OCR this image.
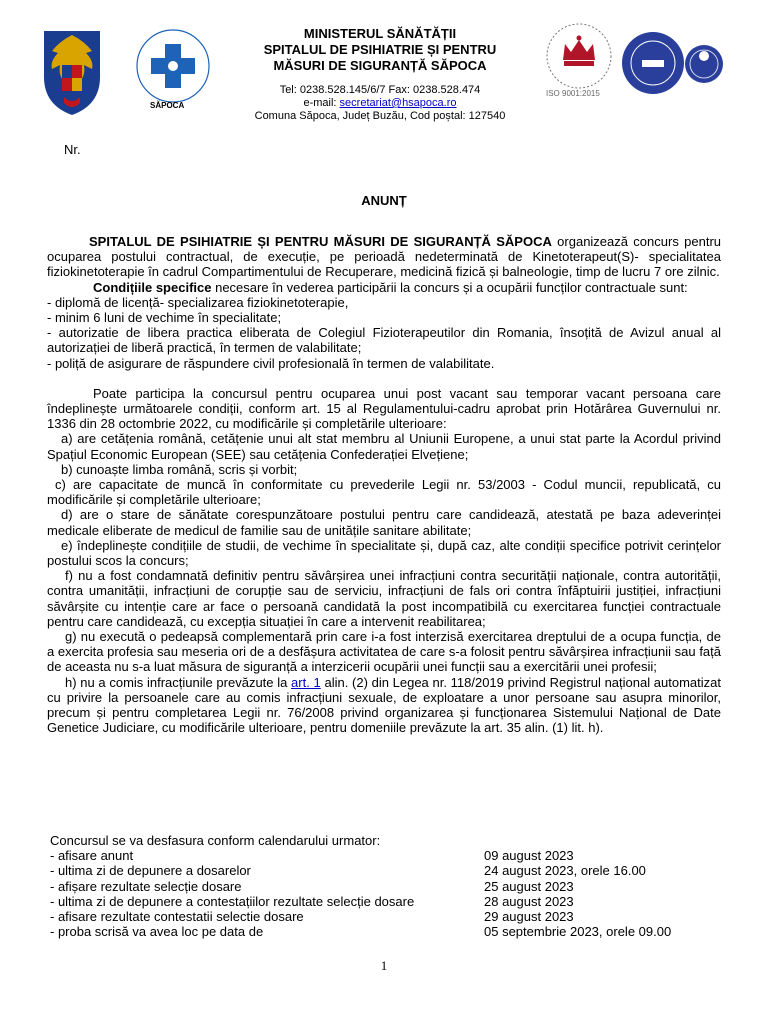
SĂPOCA
MINISTERUL SĂNĂTĂȚII
SPITALUL DE PSIHIATRIE ȘI PENTRU
MĂSURI DE SIGURANȚĂ SĂPOCA
Tel: 0238.528.145/6/7 Fax: 0238.528.474
e-mail: secretariat@hsapoca.ro
Comuna Săpoca, Județ Buzău, Cod poștal: 127540
ISO 9001:2015
Nr.
ANUNȚ

SPITALUL DE PSIHIATRIE ȘI PENTRU MĂSURI DE SIGURANȚĂ SĂPOCA organizează concurs pentru ocuparea postului contractual, de execuție, pe perioadă nedeterminată de Kinetoterapeut(S)- specialitatea fiziokinetoterapie în cadrul Compartimentului de Recuperare, medicină fizică și balneologie, timp de lucru 7 ore zilnic.

Condițiile specifice necesare în vederea participării la concurs și a ocupării funcților contractuale sunt:

- diplomă de licență- specializarea fiziokinetoterapie,

- minim 6 luni de vechime în specialitate;

- autorizatie de libera practica eliberata de Colegiul Fizioterapeutilor din Romania, însoțită de Avizul anual al autorizației de liberă practică, în termen de valabilitate;

- poliță de asigurare de răspundere civil profesională în termen de valabilitate.

Poate participa la concursul pentru ocuparea unui post vacant sau temporar vacant persoana care îndeplinește următoarele condiții, conform art. 15 al Regulamentului-cadru aprobat prin Hotărârea Guvernului nr. 1336 din 28 octombrie 2022, cu modificările și completările ulterioare:

a) are cetățenia română, cetățenie unui alt stat membru al Uniunii Europene, a unui stat parte la Acordul privind Spațiul Economic European (SEE) sau cetățenia Confederației Elvețiene;

b) cunoaște limba română, scris și vorbit;

c) are capacitate de muncă în conformitate cu prevederile Legii nr. 53/2003 - Codul muncii, republicată, cu modificările și completările ulterioare;

d) are o stare de sănătate corespunzătoare postului pentru care candidează, atestată pe baza adeverinței medicale eliberate de medicul de familie sau de unitățile sanitare abilitate;

e) îndeplinește condițiile de studii, de vechime în specialitate și, după caz, alte condiții specifice potrivit cerințelor postului scos la concurs;

f) nu a fost condamnată definitiv pentru săvârșirea unei infracțiuni contra securității naționale, contra autorității, contra umanității, infracțiuni de corupție sau de serviciu, infracțiuni de fals ori contra înfăptuirii justiției, infracțiuni săvârșite cu intenție care ar face o persoană candidată la post incompatibilă cu exercitarea funcției contractuale pentru care candidează, cu excepția situației în care a intervenit reabilitarea;

g) nu execută o pedeapsă complementară prin care i-a fost interzisă exercitarea dreptului de a ocupa funcția, de a exercita profesia sau meseria ori de a desfășura activitatea de care s-a folosit pentru săvârșirea infracțiunii sau față de aceasta nu s-a luat măsura de siguranță a interzicerii ocupării unei funcții sau a exercitării unei profesii;

h) nu a comis infracțiunile prevăzute la art. 1 alin. (2) din Legea nr. 118/2019 privind Registrul național automatizat cu privire la persoanele care au comis infracțiuni sexuale, de exploatare a unor persoane sau asupra minorilor, precum și pentru completarea Legii nr. 76/2008 privind organizarea și funcționarea Sistemului Național de Date Genetice Judiciare, cu modificările ulterioare, pentru domeniile prevăzute la art. 35 alin. (1) lit. h).

Concursul se va desfasura conform calendarului urmator:
- afisare anunt	09 august 2023
- ultima zi de depunere a dosarelor	24 august 2023, orele 16.00
- afișare rezultate selecție dosare	25 august 2023
- ultima zi de depunere a contestațiilor rezultate selecție dosare	28 august 2023
- afisare rezultate contestatii selectie dosare	29 august 2023
- proba scrisă va avea loc pe data de	05 septembrie 2023, orele 09.00
1
